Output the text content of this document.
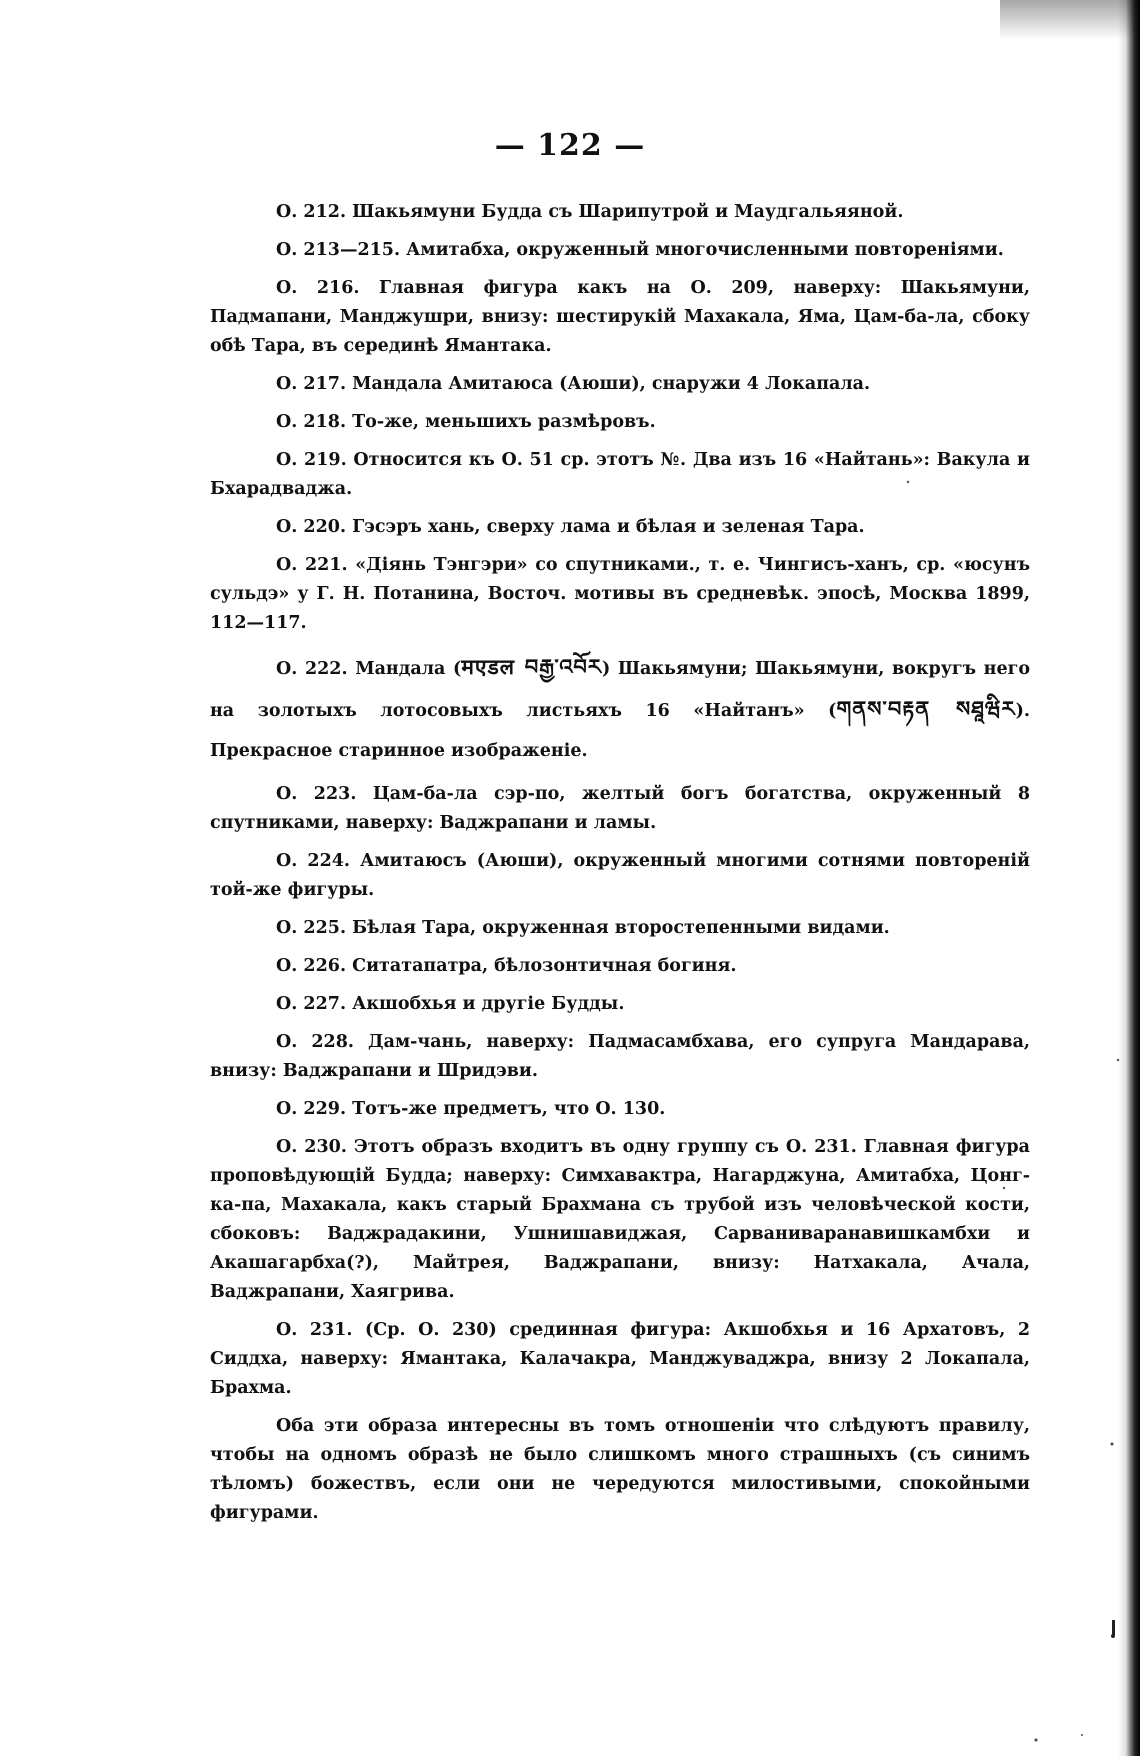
— 122 —

О. 212. Шакьямуни Будда съ Шарипутрой и Маудгальяяной.

О. 213—215. Амитабха, окруженный многочисленными повтореніями.

О. 216. Главная фигура какъ на О. 209, наверху: Шакьямуни, Падмапани, Манджушри, внизу: шестирукій Махакала, Яма, Цам-ба-ла, сбоку обѣ Тара, въ серединѣ Ямантака.

О. 217. Мандала Амитаюса (Аюши), снаружи 4 Локапала.

О. 218. То-же, меньшихъ размѣровъ.

О. 219. Относится къ О. 51 ср. этотъ №. Два изъ 16 «Найтань»: Вакула и Бхарадваджа.

О. 220. Гэсэръ хань, сверху лама и бѣлая и зеленая Тара.

О. 221. «Діянь Тэнгэри» со спутниками., т. е. Чингисъ-ханъ, ср. «юсунъ сульдэ» у Г. Н. Потанина, Восточ. мотивы въ средневѣк. эпосѣ, Москва 1899, 112—117.

О. 222. Мандала (मएडल བརྒྱ་འབོར) Шакьямуни; Шакьямуни, вокругъ него на золотыхъ лотосовыхъ листьяхъ 16 «Найтанъ» (གནས་བརྟན སཐཱཝིར). Прекрасное старинное изображеніе.

О. 223. Цам-ба-ла сэр-по, желтый богъ богатства, окруженный 8 спутниками, наверху: Ваджрапани и ламы.

О. 224. Амитаюсъ (Аюши), окруженный многими сотнями повтореній той-же фигуры.

О. 225. Бѣлая Тара, окруженная второстепенными видами.

О. 226. Ситатапатра, бѣлозонтичная богиня.

О. 227. Акшобхья и другіе Будды.

О. 228. Дам-чань, наверху: Падмасамбхава, его супруга Мандарава, внизу: Ваджрапани и Шридэви.

О. 229. Тотъ-же предметъ, что О. 130.

О. 230. Этотъ образъ входитъ въ одну группу съ О. 231. Главная фигура проповѣдующій Будда; наверху: Симхавактра, Нагарджуна, Амитабха, Цонг-ка-па, Махакала, какъ старый Брахмана съ трубой изъ человѣческой кости, сбоковъ: Ваджрадакини, Ушнишавиджая, Сарваниваранавишкамбхи и Акашагарбха(?), Майтрея, Ваджрапани, внизу: Натхакала, Ачала, Ваджрапани, Хаягрива.

О. 231. (Ср. О. 230) срединная фигура: Акшобхья и 16 Архатовъ, 2 Сиддха, наверху: Ямантака, Калачакра, Манджуваджра, внизу 2 Локапала, Брахма.

Оба эти образа интересны въ томъ отношеніи что слѣдуютъ правилу, чтобы на одномъ образѣ не было слишкомъ много страшныхъ (съ синимъ тѣломъ) божествъ, если они не чередуются милостивыми, спокойными фигурами.
